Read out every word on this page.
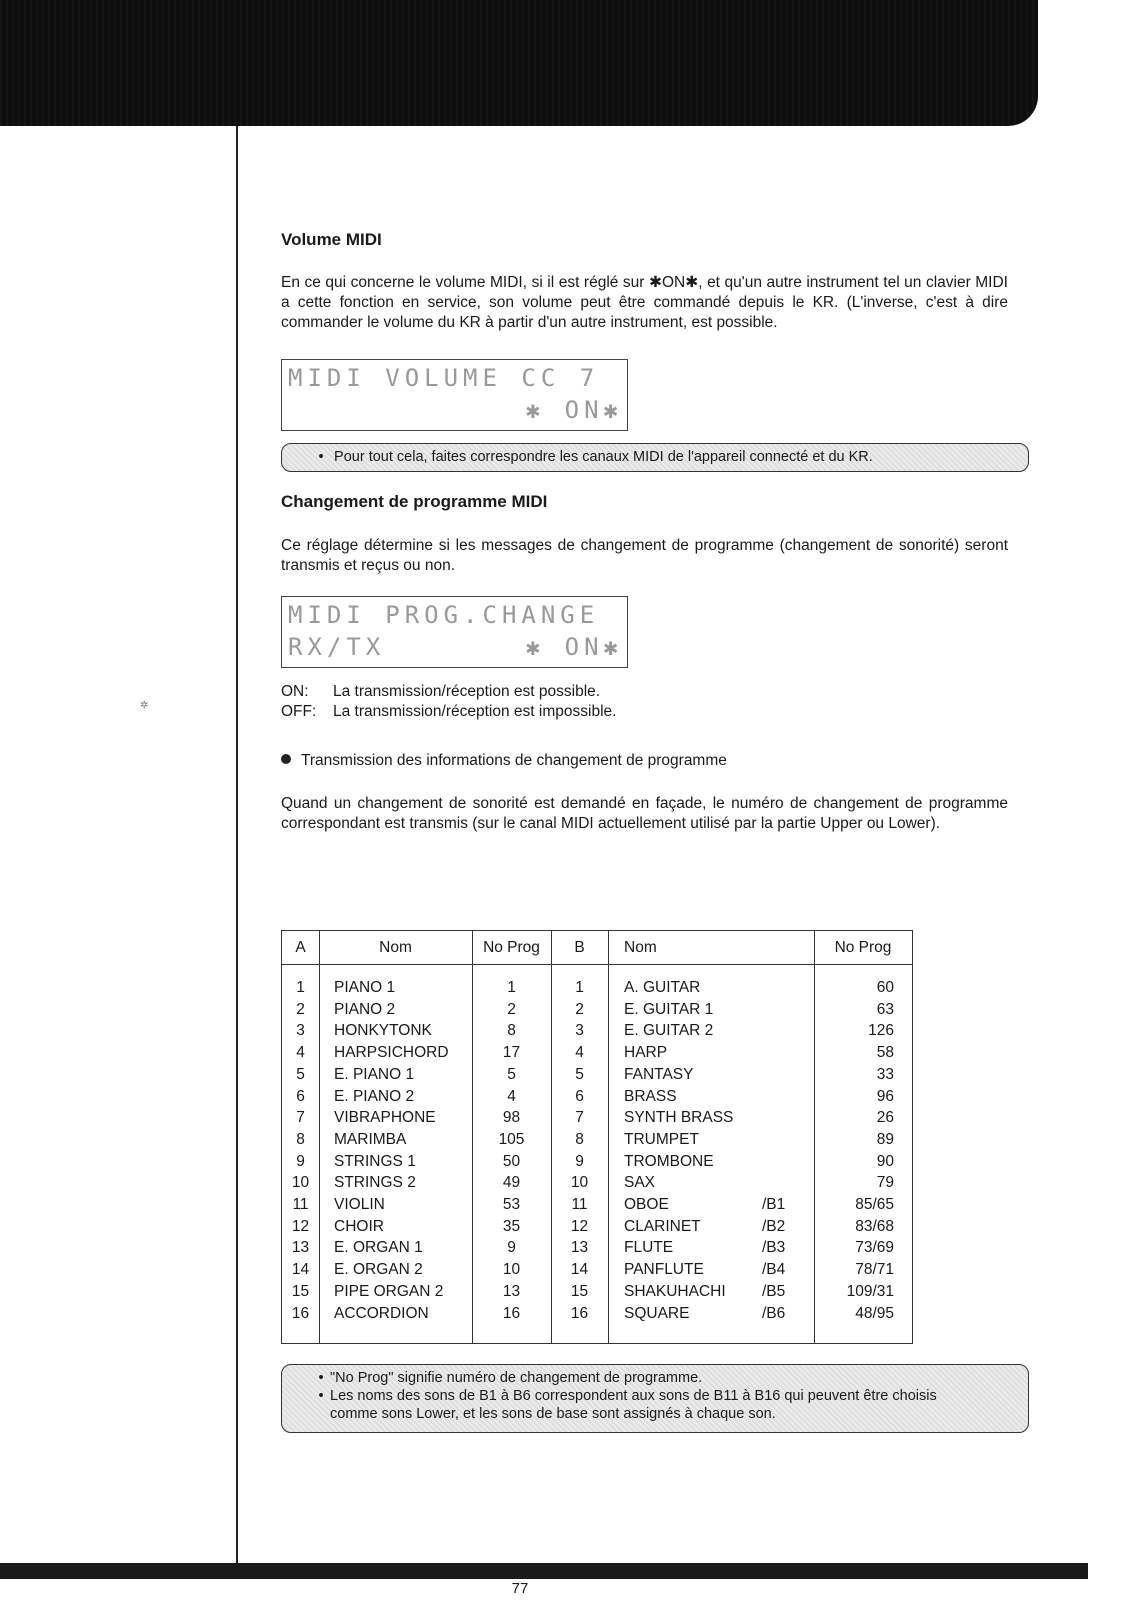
✲
Volume MIDI

En ce qui concerne le volume MIDI, si il est réglé sur ✱ON✱, et qu'un autre instrument tel un clavier MIDI a cette fonction en service, son volume peut être commandé depuis le KR. (L'inverse, c'est à dire commander le volume du KR à partir d'un autre instrument, est possible.

MIDI VOLUME CC 7
✱ ON✱
• Pour tout cela, faites correspondre les canaux MIDI de l'appareil connecté et du KR.
Changement de programme MIDI

Ce réglage détermine si les messages de changement de programme (changement de sonorité) seront transmis et reçus ou non.

MIDI PROG.CHANGE
RX/TX	✱ ON✱
ON: La transmission/réception est possible.
OFF: La transmission/réception est impossible.
Transmission des informations de changement de programme

Quand un changement de sonorité est demandé en façade, le numéro de changement de programme correspondant est transmis (sur le canal MIDI actuellement utilisé par la partie Upper ou Lower).

A	Nom	No Prog	B	Nom	No Prog
1	PIANO 1	1	1	A. GUITAR	60
2	PIANO 2	2	2	E. GUITAR 1	63
3	HONKYTONK	8	3	E. GUITAR 2	126
4	HARPSICHORD	17	4	HARP	58
5	E. PIANO 1	5	5	FANTASY	33
6	E. PIANO 2	4	6	BRASS	96
7	VIBRAPHONE	98	7	SYNTH BRASS	26
8	MARIMBA	105	8	TRUMPET	89
9	STRINGS 1	50	9	TROMBONE	90
10	STRINGS 2	49	10	SAX	79
11	VIOLIN	53	11	OBOE	/B1	85/65
12	CHOIR	35	12	CLARINET	/B2	83/68
13	E. ORGAN 1	9	13	FLUTE	/B3	73/69
14	E. ORGAN 2	10	14	PANFLUTE	/B4	78/71
15	PIPE ORGAN 2	13	15	SHAKUHACHI	/B5	109/31
16	ACCORDION	16	16	SQUARE	/B6	48/95
• "No Prog" signifie numéro de changement de programme.
• Les noms des sons de B1 à B6 correspondent aux sons de B11 à B16 qui peuvent être choisis
comme sons Lower, et les sons de base sont assignés à chaque son.
77
